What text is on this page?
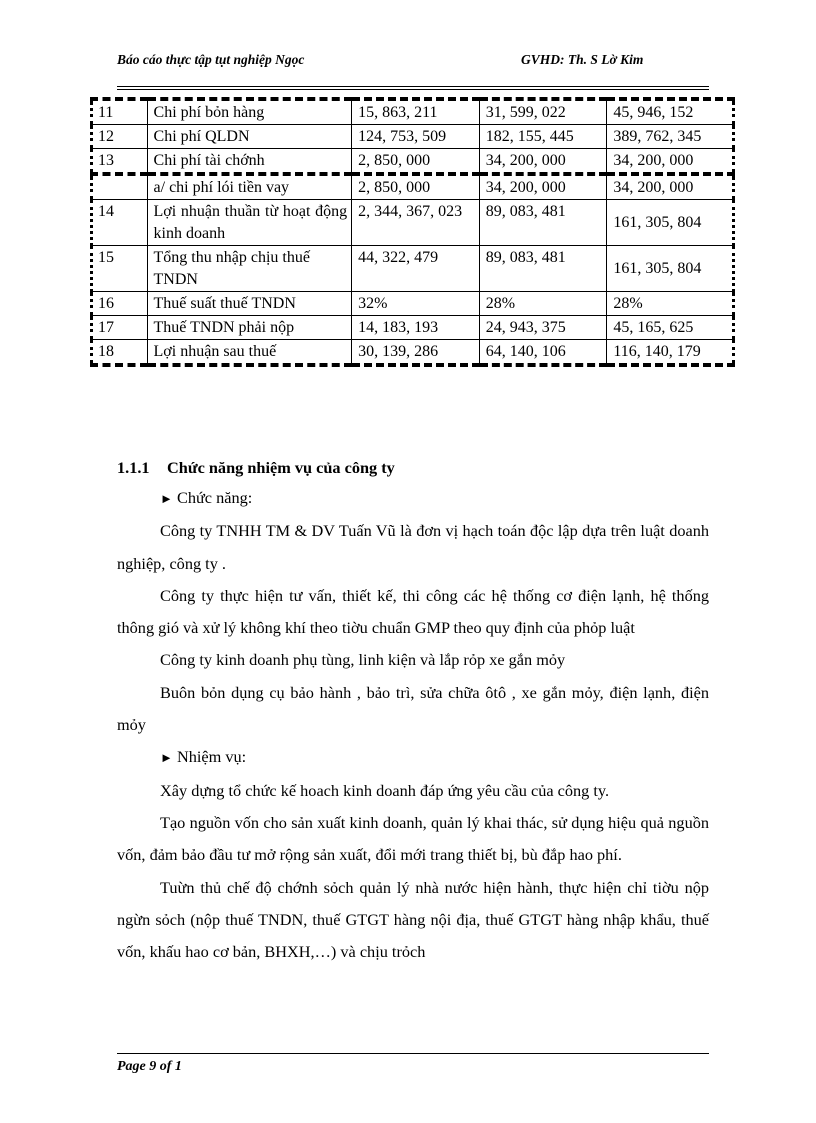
Báo cáo thực tập tụt nghiệp Ngọc	GVHD: Th. S Lờ Kim
11	Chi phí bỏn hàng	15, 863, 211	31, 599, 022	45, 946, 152
12	Chi phí QLDN	124, 753, 509	182, 155, 445	389, 762, 345
13	Chi phí tài chớnh	2, 850, 000	34, 200, 000	34, 200, 000
	a/ chi phí lói tiền vay	2, 850, 000	34, 200, 000	34, 200, 000
14	Lợi nhuận thuần từ hoạt động kinh doanh	2, 344, 367, 023	89, 083, 481	161, 305, 804
15	Tổng thu nhập chịu thuế TNDN	44, 322, 479	89, 083, 481	161, 305, 804
16	Thuế suất thuế TNDN	32%	28%	28%
17	Thuế TNDN phải nộp	14, 183, 193	24, 943, 375	45, 165, 625
18	Lợi nhuận sau thuế	30, 139, 286	64, 140, 106	116, 140, 179

1.1.1 Chức năng nhiệm vụ của công ty

► Chức năng:

Công ty TNHH TM & DV Tuấn Vũ là đơn vị hạch toán độc lập dựa trên luật doanh nghiệp, công ty .

Công ty thực hiện tư vấn, thiết kế, thi công các hệ thống cơ điện lạnh, hệ thống thông gió và xử lý không khí theo tiờu chuẩn GMP theo quy định của phỏp luật

Công ty kinh doanh phụ tùng, linh kiện và lắp rỏp xe gắn mỏy

Buôn bỏn dụng cụ bảo hành , bảo trì, sửa chữa ôtô , xe gắn mỏy, điện lạnh, điện mỏy

► Nhiệm vụ:

Xây dựng tổ chức kế hoach kinh doanh đáp ứng yêu cầu của công ty.

Tạo nguồn vốn cho sản xuất kinh doanh, quản lý khai thác, sử dụng hiệu quả nguồn vốn, đảm bảo đầu tư mở rộng sản xuất, đổi mới trang thiết bị, bù đắp hao phí.

Tuừn thủ chế độ chớnh sỏch quản lý nhà nước hiện hành, thực hiện chỉ tiờu nộp ngừn sỏch (nộp thuế TNDN, thuế GTGT hàng nội địa, thuế GTGT hàng nhập khẩu, thuế vốn, khấu hao cơ bản, BHXH,…) và chịu trỏch

Page 9 of 1
